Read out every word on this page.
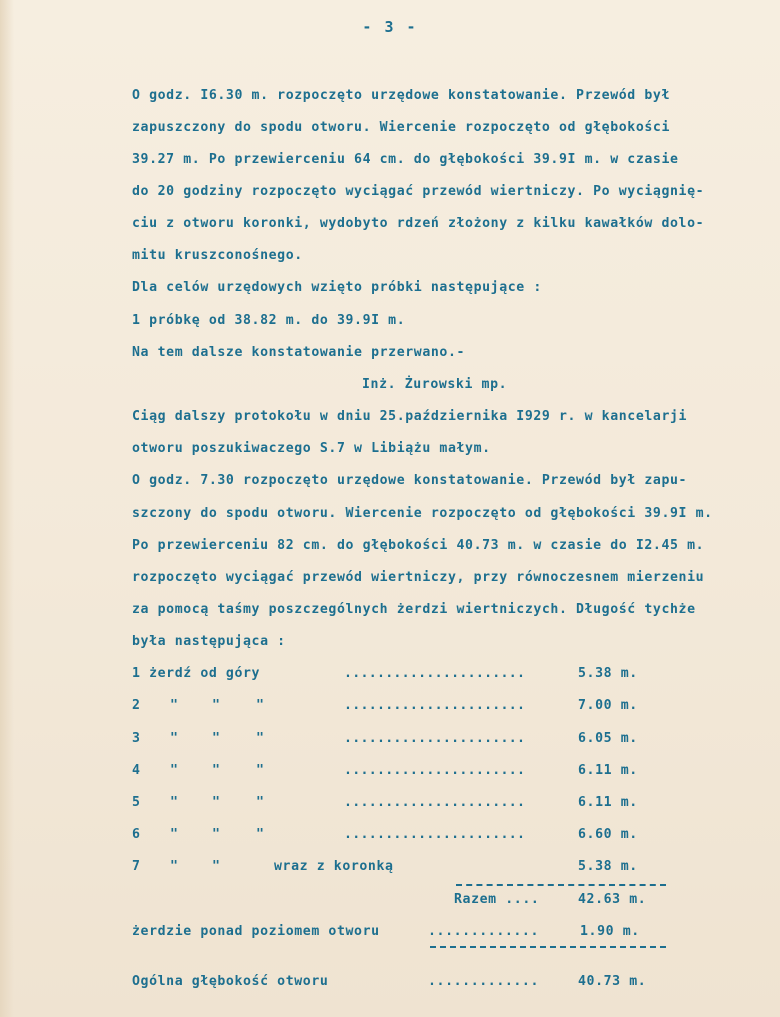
- 3 -
O godz. I6.30 m. rozpoczęto urzędowe konstatowanie. Przewód był
zapuszczony do spodu otworu. Wiercenie rozpoczęto od głębokości
39.27 m. Po przewierceniu 64 cm. do głębokości 39.9I m. w czasie
do 20 godziny rozpoczęto wyciągać przewód wiertniczy. Po wyciągnię-
ciu z otworu koronki, wydobyto rdzeń złożony z kilku kawałków dolo-
mitu kruszconośnego.
Dla celów urzędowych wzięto próbki następujące :
1 próbkę od 38.82 m. do 39.9I m.
Na tem dalsze konstatowanie przerwano.-
Inż. Żurowski mp.
Ciąg dalszy protokołu w dniu 25.października I929 r. w kancelarji
otworu poszukiwaczego S.7 w Libiążu małym.
O godz. 7.30 rozpoczęto urzędowe konstatowanie. Przewód był zapu-
szczony do spodu otworu. Wiercenie rozpoczęto od głębokości 39.9I m.
Po przewierceniu 82 cm. do głębokości 40.73 m. w czasie do I2.45 m.
rozpoczęto wyciągać przewód wiertniczy, przy równoczesnem mierzeniu
za pomocą taśmy poszczególnych żerdzi wiertniczych. Długość tychże
była następująca :
1 żerdź od góry	......................	5.38 m.
2 "	"	"	......................	7.00 m.
3 "	"	"	......................	6.05 m.
4 "	"	"	......................	6.11 m.
5 "	"	"	......................	6.11 m.
6 "	"	"	......................	6.60 m.
7 "	"	wraz z koronką	5.38 m.
Razem ....	42.63 m.
żerdzie ponad poziomem otworu	.............	1.90 m.
Ogólna głębokość otworu	.............	40.73 m.
